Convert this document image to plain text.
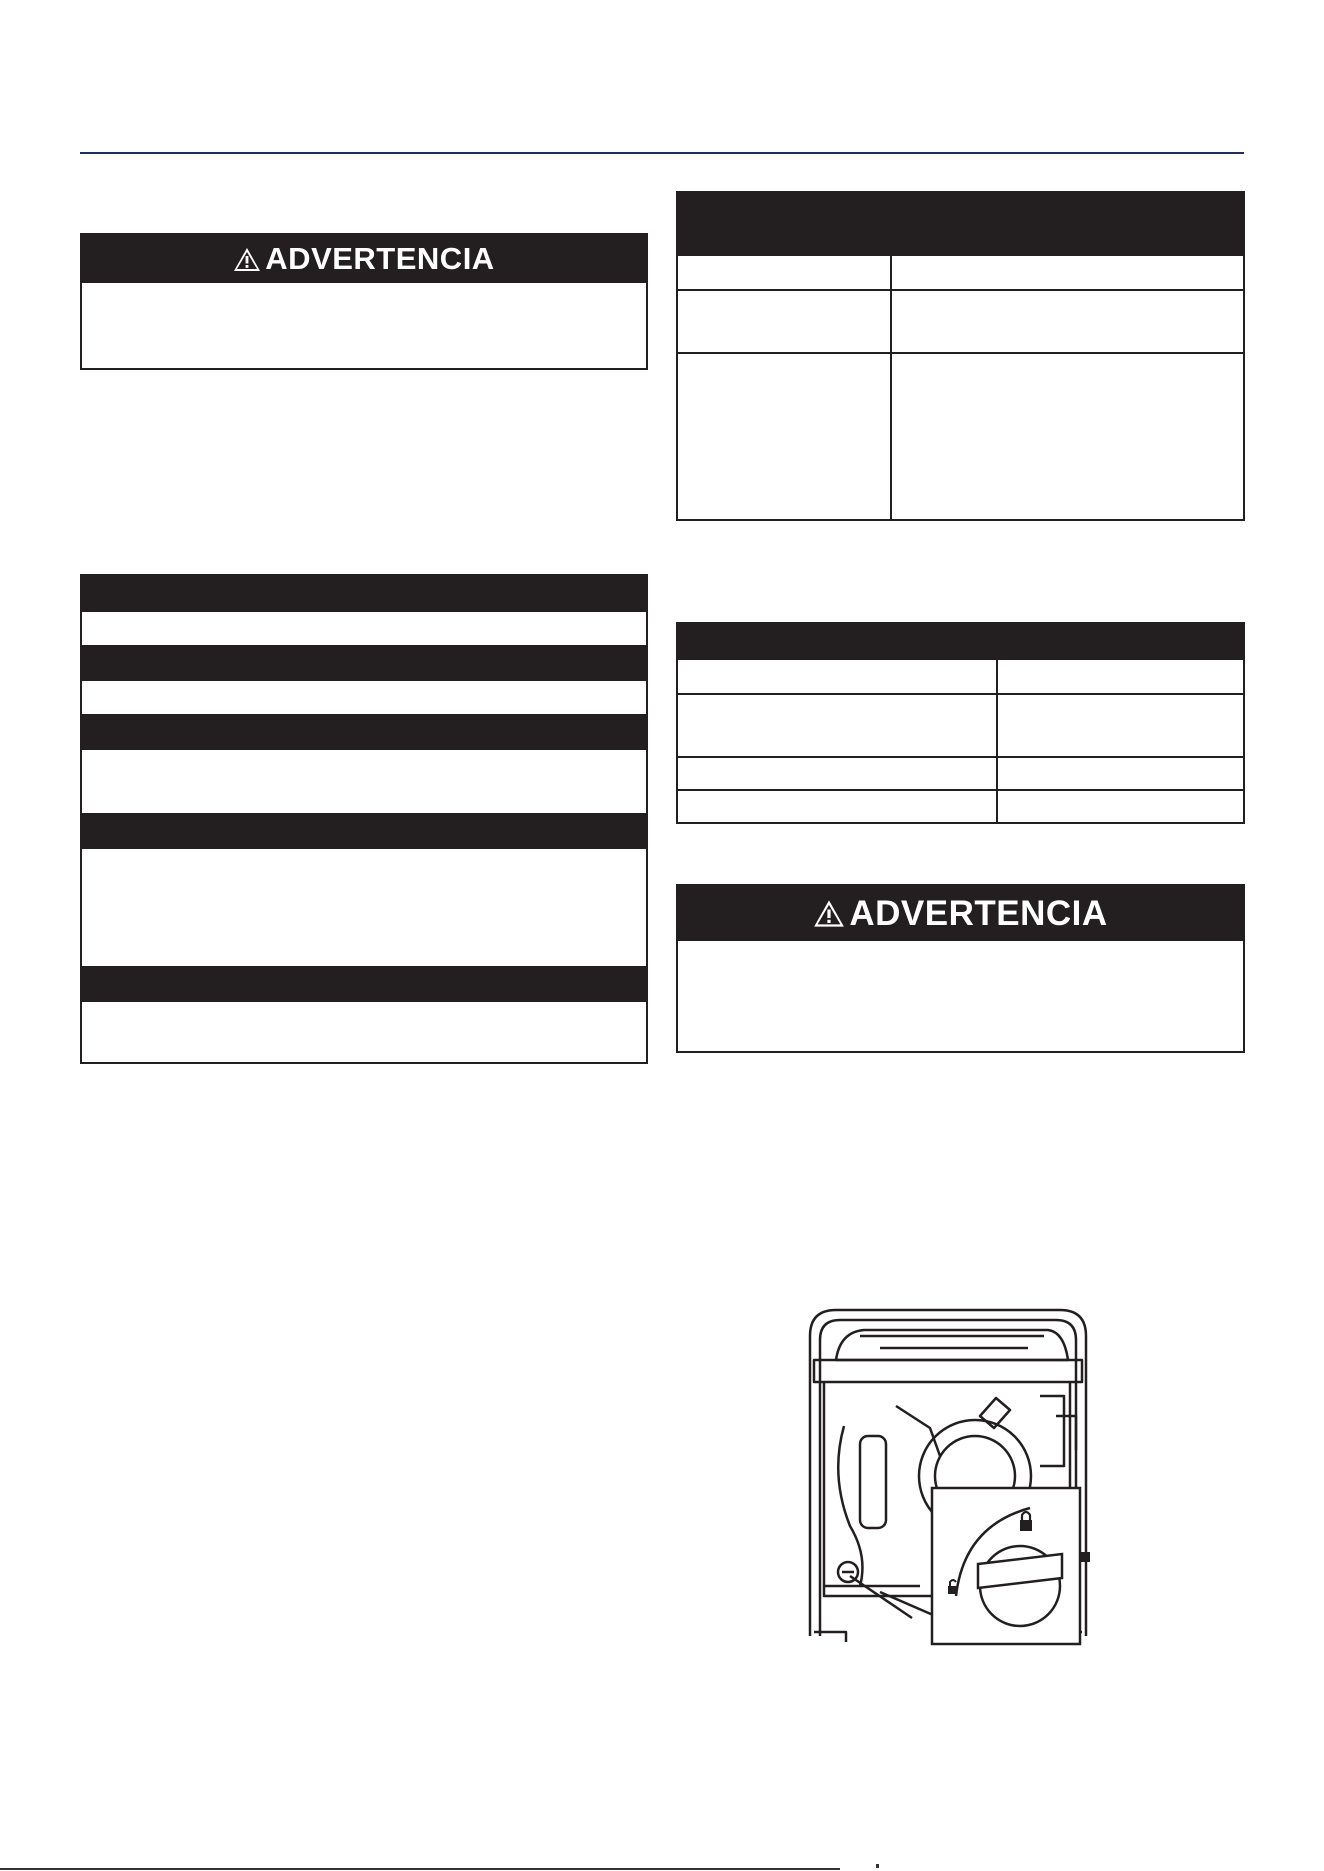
ADVERTENCIA
ADVERTENCIA
